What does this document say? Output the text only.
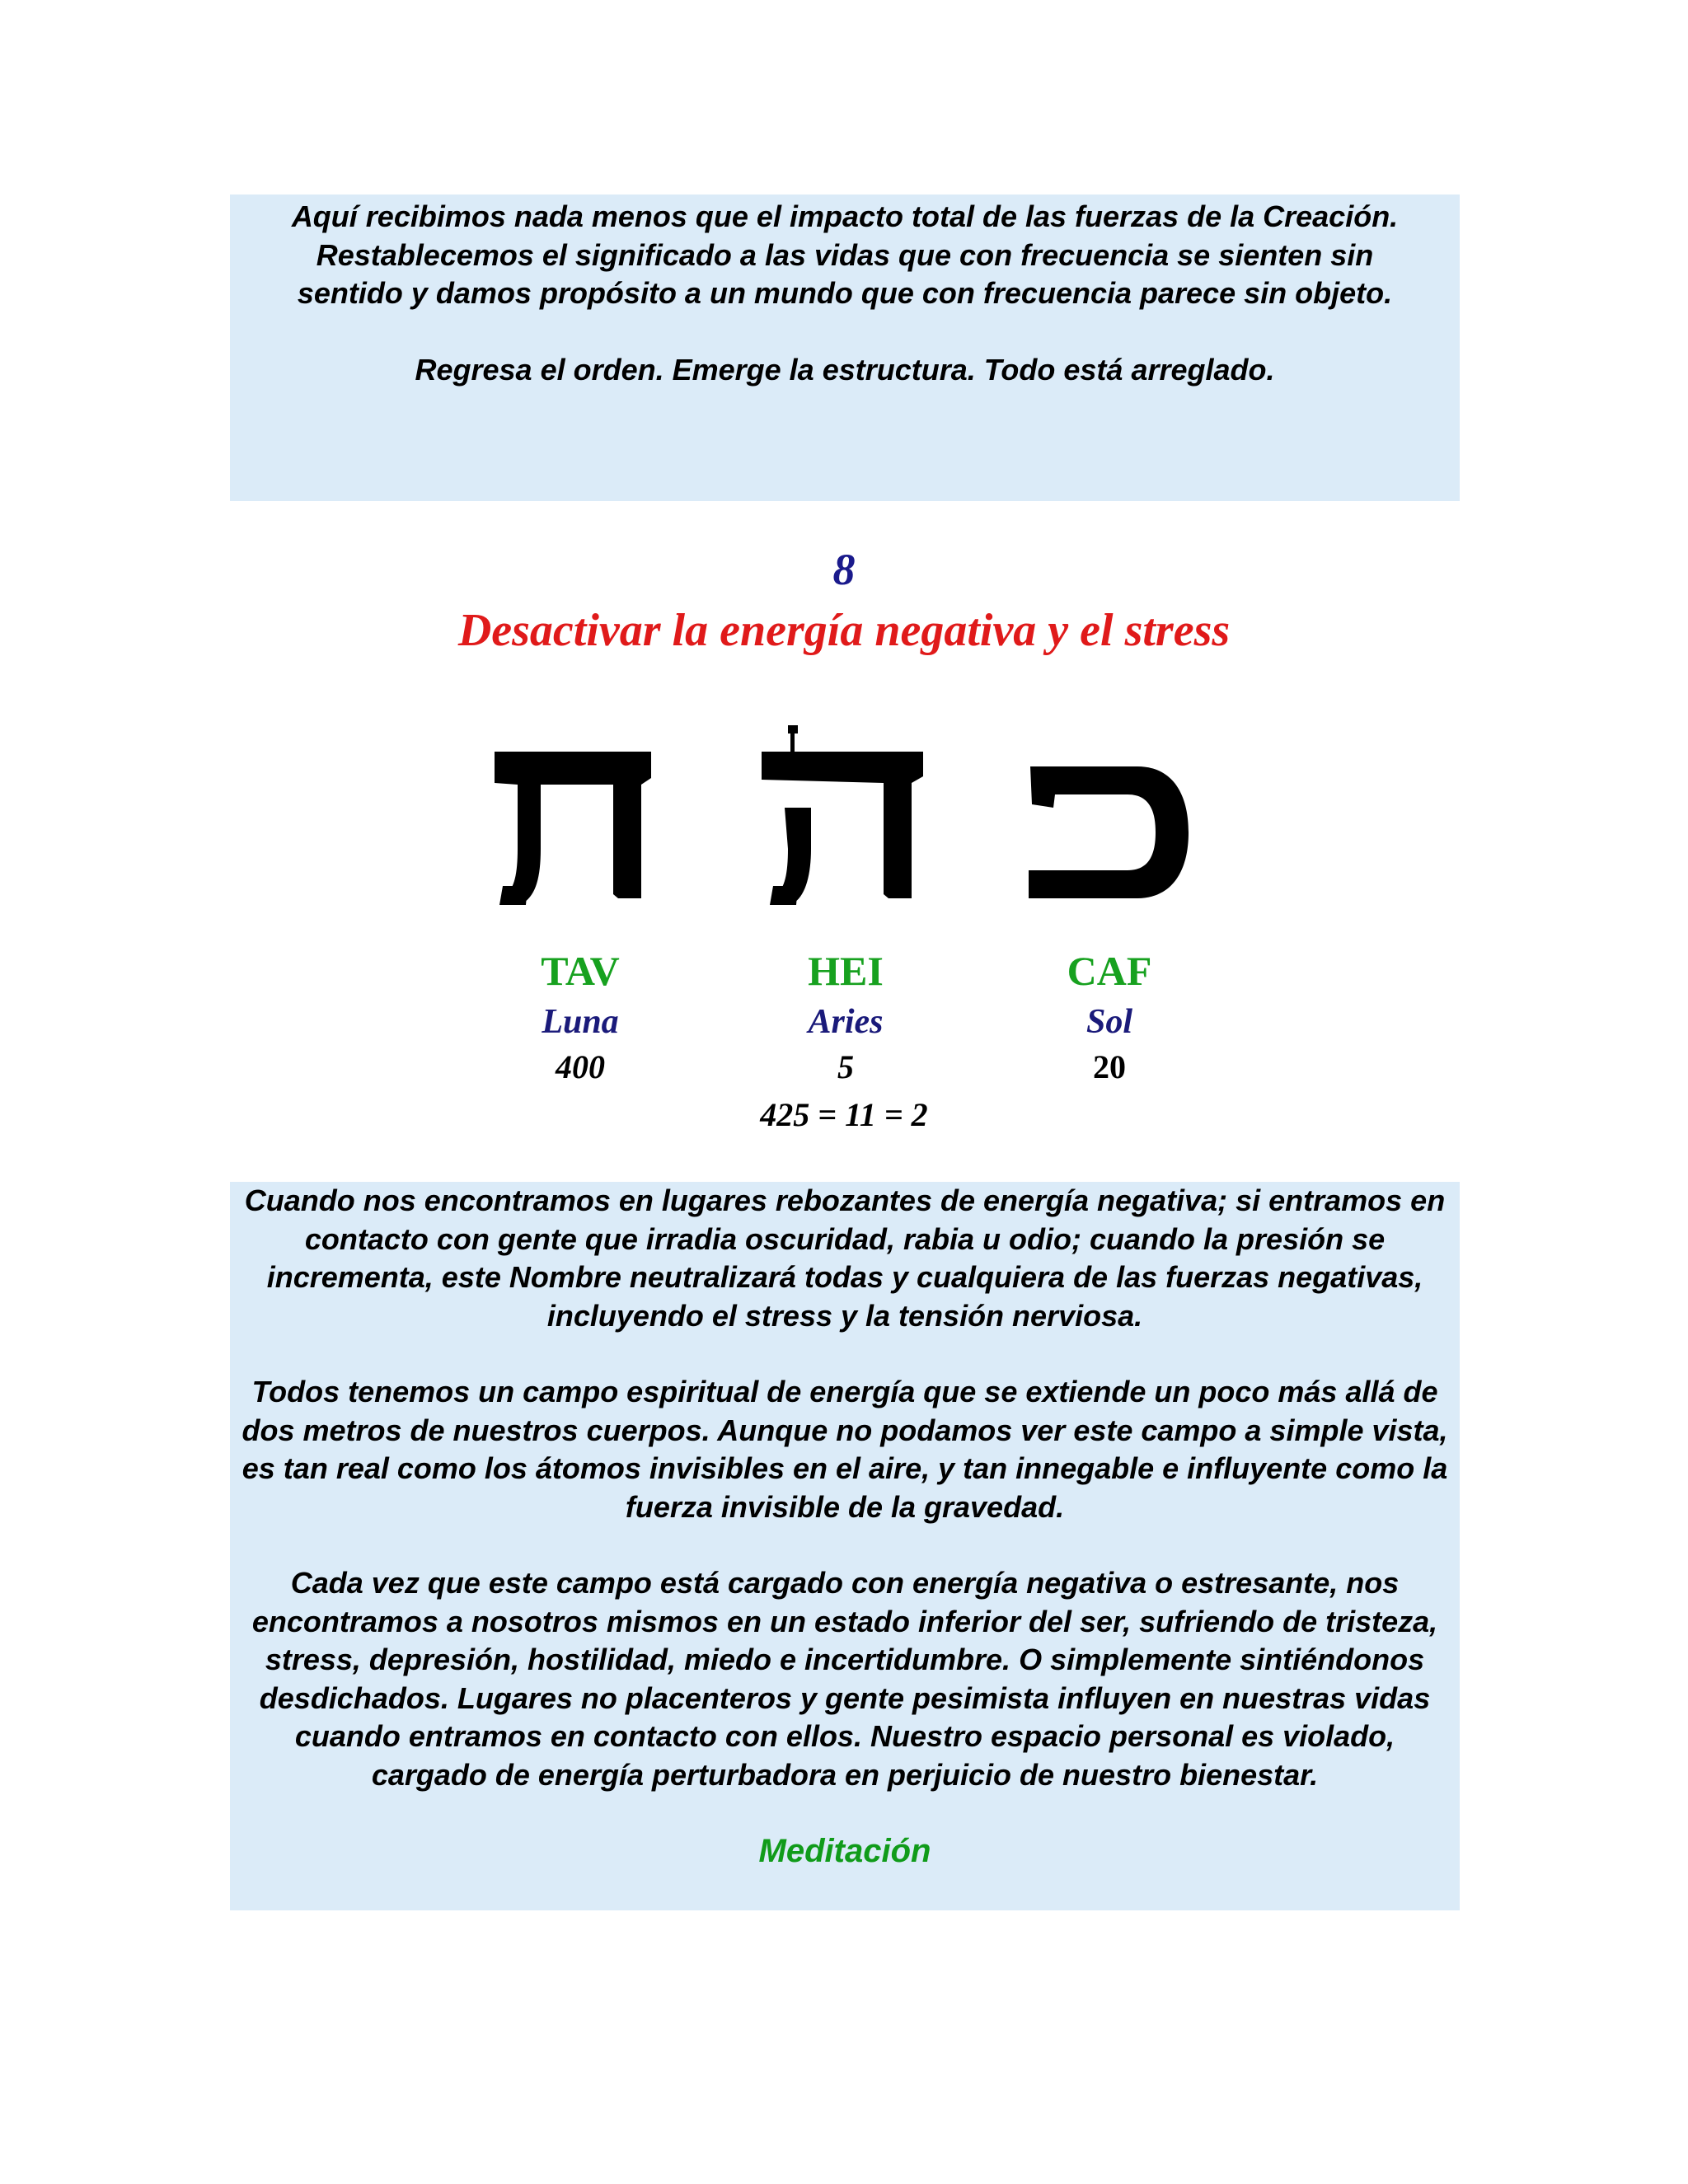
Aquí recibimos nada menos que el impacto total de las fuerzas de la Creación. Restablecemos el significado a las vidas que con frecuencia se sienten sin sentido y damos propósito a un mundo que con frecuencia parece sin objeto.

Regresa el orden. Emerge la estructura. Todo está arreglado.

8

Desactivar la energía negativa y el stress

TAV	HEI	CAF

Luna	Aries	Sol

400	5	20

425 = 11 = 2

Cuando nos encontramos en lugares rebozantes de energía negativa; si entramos en contacto con gente que irradia oscuridad, rabia u odio; cuando la presión se incrementa, este Nombre neutralizará todas y cualquiera de las fuerzas negativas, incluyendo el stress y la tensión nerviosa.

Todos tenemos un campo espiritual de energía que se extiende un poco más allá de dos metros de nuestros cuerpos. Aunque no podamos ver este campo a simple vista, es tan real como los átomos invisibles en el aire, y tan innegable e influyente como la fuerza invisible de la gravedad.

Cada vez que este campo está cargado con energía negativa o estresante, nos encontramos a nosotros mismos en un estado inferior del ser, sufriendo de tristeza, stress, depresión, hostilidad, miedo e incertidumbre. O simplemente sintiéndonos desdichados. Lugares no placenteros y gente pesimista influyen en nuestras vidas cuando entramos en contacto con ellos. Nuestro espacio personal es violado, cargado de energía perturbadora en perjuicio de nuestro bienestar.

Meditación
